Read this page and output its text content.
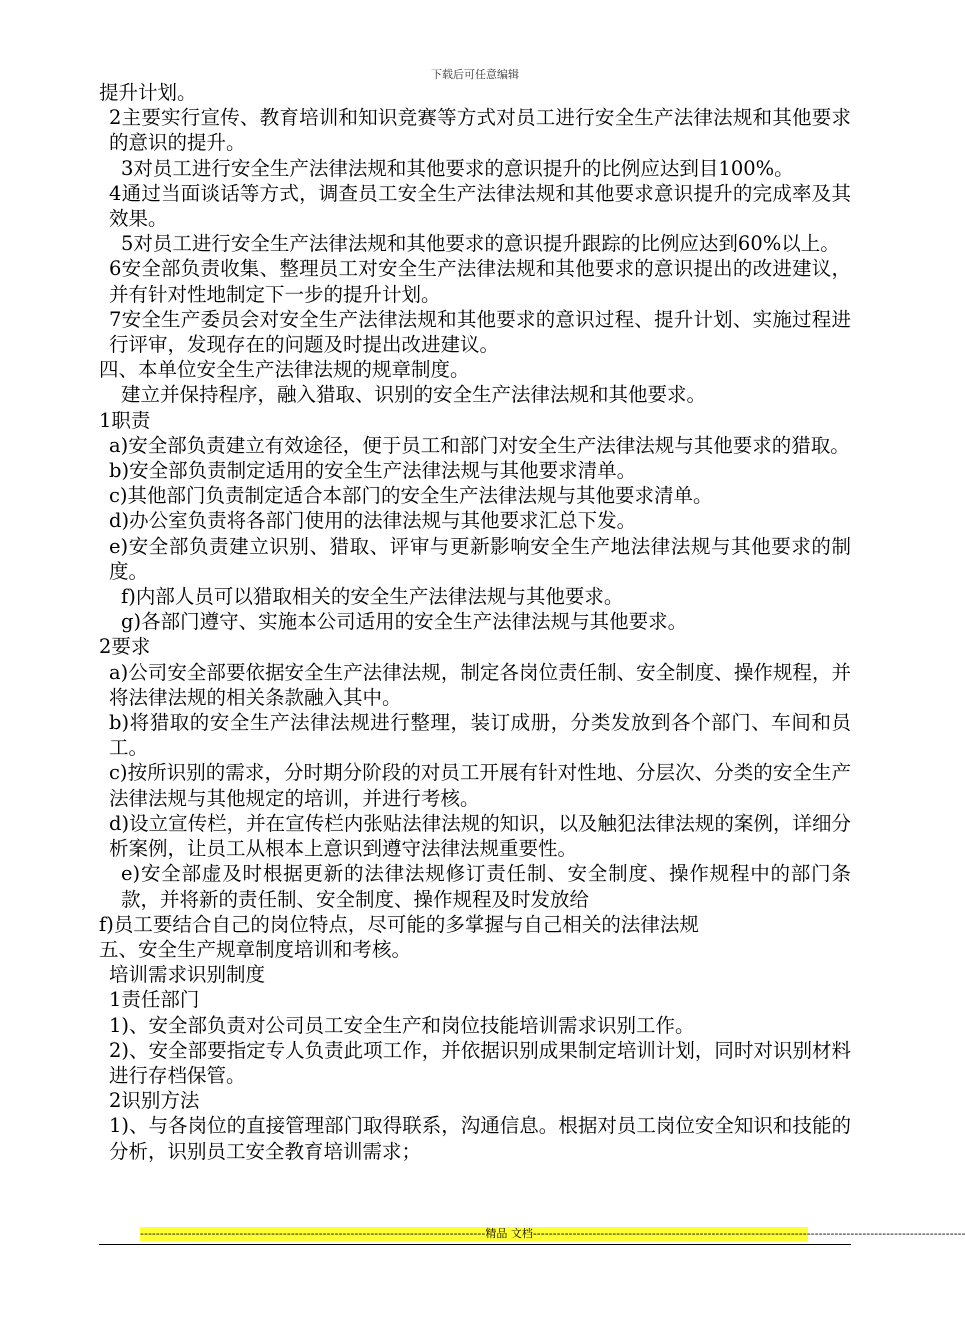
下载后可任意编辑

提升计划。

2主要实行宣传、教育培训和知识竞赛等方式对员工进行安全生产法律法规和其他要求的意识的提升。

3对员工进行安全生产法律法规和其他要求的意识提升的比例应达到目100%。

4通过当面谈话等方式，调查员工安全生产法律法规和其他要求意识提升的完成率及其效果。

5对员工进行安全生产法律法规和其他要求的意识提升跟踪的比例应达到60%以上。

6安全部负责收集、整理员工对安全生产法律法规和其他要求的意识提出的改进建议，并有针对性地制定下一步的提升计划。

7安全生产委员会对安全生产法律法规和其他要求的意识过程、提升计划、实施过程进行评审，发现存在的问题及时提出改进建议。

四、本单位安全生产法律法规的规章制度。

建立并保持程序，融入猎取、识别的安全生产法律法规和其他要求。

1职责

a)安全部负责建立有效途径，便于员工和部门对安全生产法律法规与其他要求的猎取。

b)安全部负责制定适用的安全生产法律法规与其他要求清单。

c)其他部门负责制定适合本部门的安全生产法律法规与其他要求清单。

d)办公室负责将各部门使用的法律法规与其他要求汇总下发。

e)安全部负责建立识别、猎取、评审与更新影响安全生产地法律法规与其他要求的制度。

f)内部人员可以猎取相关的安全生产法律法规与其他要求。

g)各部门遵守、实施本公司适用的安全生产法律法规与其他要求。

2要求

a)公司安全部要依据安全生产法律法规，制定各岗位责任制、安全制度、操作规程，并将法律法规的相关条款融入其中。

b)将猎取的安全生产法律法规进行整理，装订成册，分类发放到各个部门、车间和员工。

c)按所识别的需求，分时期分阶段的对员工开展有针对性地、分层次、分类的安全生产法律法规与其他规定的培训，并进行考核。

d)设立宣传栏，并在宣传栏内张贴法律法规的知识，以及触犯法律法规的案例，详细分析案例，让员工从根本上意识到遵守法律法规重要性。

e)安全部虚及时根据更新的法律法规修订责任制、安全制度、操作规程中的部门条款，并将新的责任制、安全制度、操作规程及时发放给

f)员工要结合自己的岗位特点，尽可能的多掌握与自己相关的法律法规

五、安全生产规章制度培训和考核。

培训需求识别制度

1责任部门

1)、安全部负责对公司员工安全生产和岗位技能培训需求识别工作。

2)、安全部要指定专人负责此项工作，并依据识别成果制定培训计划，同时对识别材料进行存档保管。

2识别方法

1)、与各岗位的直接管理部门取得联系，沟通信息。根据对员工岗位安全知识和技能的分析，识别员工安全教育培训需求；

---------------------------------------------------------------------------------------精品 文档-------------------------------------------------------------------------------------------------------------
